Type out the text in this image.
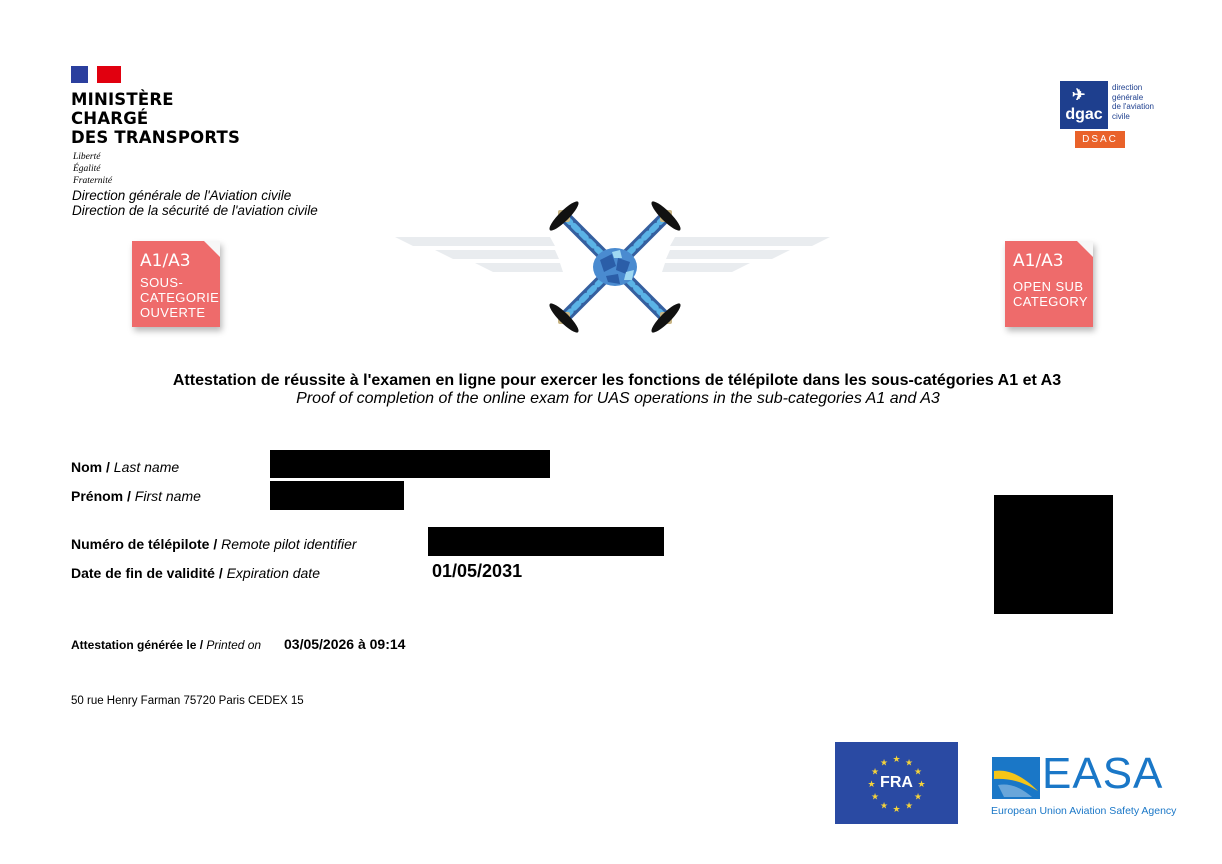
MINISTÈRE
CHARGÉ
DES TRANSPORTS
Liberté
Égalité
Fraternité
Direction générale de l'Aviation civile
Direction de la sécurité de l'aviation civile
✈
dgac
direction
générale
de l'aviation
civile
DSAC
A1/A3
SOUS-
CATEGORIE
OUVERTE
A1/A3
OPEN SUB
CATEGORY
Attestation de réussite à l'examen en ligne pour exercer les fonctions de télépilote dans les sous-catégories A1 et A3
Proof of completion of the online exam for UAS operations in the sub-categories A1 and A3
Nom / Last name
Prénom / First name
Numéro de télépilote / Remote pilot identifier
Date de fin de validité / Expiration date	01/05/2031
Attestation générée le / Printed on 03/05/2026 à 09:14
50 rue Henry Farman 75720 Paris CEDEX 15
★ ★
★
★
★
★
★
★
★
★
★
★
FRA	EASA
European Union Aviation Safety Agency
